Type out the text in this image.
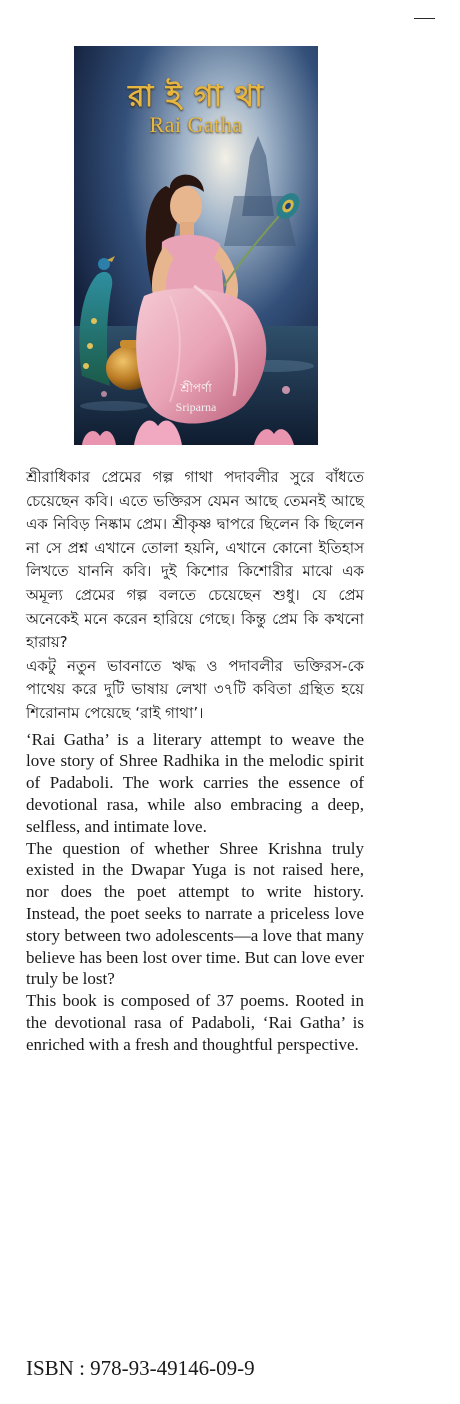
রা ই গা থা
Rai Gatha
শ্রীপর্ণা
Sriparna

শ্রীরাধিকার প্রেমের গল্প গাথা পদাবলীর সুরে বাঁধতে চেয়েছেন কবি। এতে ভক্তিরস যেমন আছে তেমনই আছে এক নিবিড় নিষ্কাম প্রেম। শ্রীকৃষ্ণ দ্বাপরে ছিলেন কি ছিলেন না সে প্রশ্ন এখানে তোলা হয়নি, এখানে কোনো ইতিহাস লিখতে যাননি কবি। দুই কিশোর কিশোরীর মাঝে এক অমূল্য প্রেমের গল্প বলতে চেয়েছেন শুধু। যে প্রেম অনেকেই মনে করেন হারিয়ে গেছে। কিন্তু প্রেম কি কখনো হারায়?

একটু নতুন ভাবনাতে ঋদ্ধ ও পদাবলীর ভক্তিরস-কে পাথেয় করে দুটি ভাষায় লেখা ৩৭টি কবিতা গ্রন্থিত হয়ে শিরোনাম পেয়েছে ‘রাই গাথা’।

‘Rai Gatha’ is a literary attempt to weave the love story of Shree Radhika in the melodic spirit of Padaboli. The work carries the essence of devotional rasa, while also embracing a deep, selfless, and intimate love.

The question of whether Shree Krishna truly existed in the Dwapar Yuga is not raised here, nor does the poet attempt to write history. Instead, the poet seeks to narrate a priceless love story between two adolescents—a love that many believe has been lost over time. But can love ever truly be lost?

This book is composed of 37 poems. Rooted in the devotional rasa of Padaboli, ‘Rai Gatha’ is enriched with a fresh and thoughtful perspective.

ISBN : 978-93-49146-09-9
